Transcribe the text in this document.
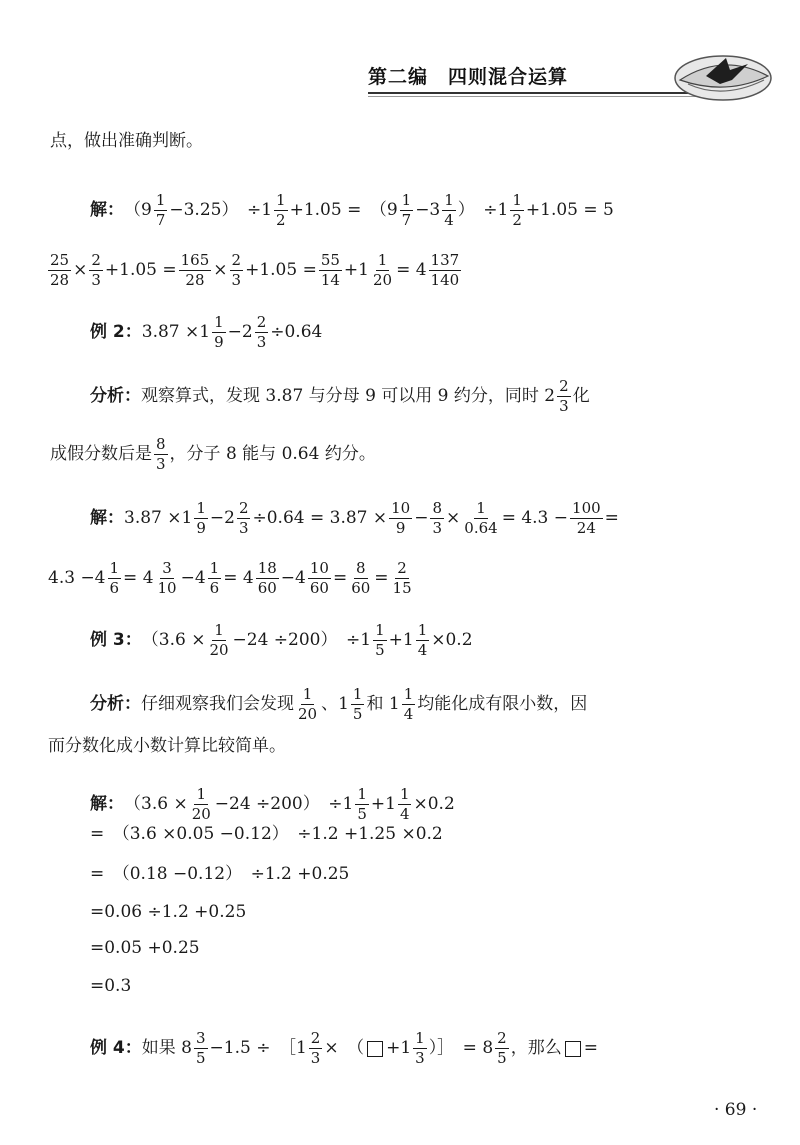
第二编　四则混合运算
点，做出准确判断。
解： $(9 \frac{1}{7} -3.25)$　$\div 1 \frac{1}{2} +1.05$ =　（$9 \frac{1}{7} -3 \frac{1}{4}$ ）　$\div 1 \frac{1}{2} +1.05 = 5$
$\frac{25}{28} \times \frac{2}{3} +1.05 = \frac{165}{28} \times \frac{2}{3} +1.05 = \frac{55}{14} +1 \frac{1}{20} = 4 \frac{137}{140}$
例 2： $3.87 \times 1 \frac{1}{9} -2 \frac{2}{3} \div 0.64$
分析： 观察算式，发现 3.87 与分母 9 可以用 9 约分，同时 $2 \frac{2}{3}$ 化
成假分数后是 $\frac{8}{3}$ ，分子 8 能与 0.64 约分。
解： $3.87 \times 1 \frac{1}{9} -2 \frac{2}{3} \div 0.64 = 3.87 \times \frac{10}{9} - \frac{8}{3} \times \frac{1}{0.64} = 4.3 - \frac{100}{24}$ =
$4.3 -4 \frac{1}{6} = 4 \frac{3}{10} -4 \frac{1}{6} = 4 \frac{18}{60} -4 \frac{10}{60} = \frac{8}{60} = \frac{2}{15}$
例 3： $(3.6 \times \frac{1}{20} -24 \div 200)$　$\div 1 \frac{1}{5} +1 \frac{1}{4} \times 0.2$
分析： 仔细观察我们会发现 $\frac{1}{20}$ 、$1 \frac{1}{5}$ 和 $1 \frac{1}{4}$ 均能化成有限小数，因
而分数化成小数计算比较简单。
解： $(3.6 \times \frac{1}{20} -24 \div 200)$　$\div 1 \frac{1}{5} +1 \frac{1}{4} \times 0.2$
=　（3.6 ×0.05 −0.12）　÷1.2 +1.25 ×0.2
=　（0.18 −0.12）　÷1.2 +0.25
=0.06 ÷1.2 +0.25
=0.05 +0.25
=0.3
例 4： 如果 $8 \frac{3}{5} -1.5$ ÷　［1 $\frac{2}{3}$ ×　（ $+1 \frac{1}{3}$ ）］　= $8 \frac{2}{5}$ ，那么 =
· 69 ·
